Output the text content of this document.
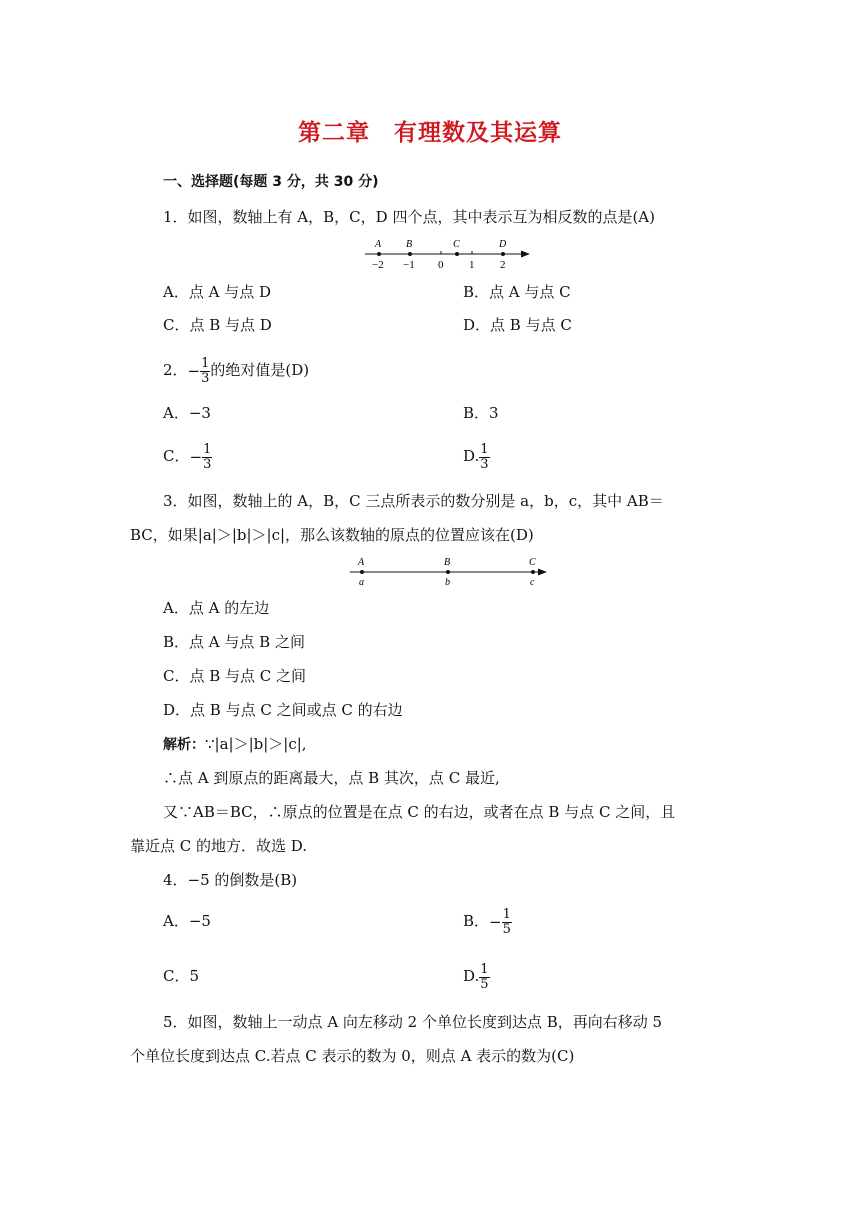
第二章　有理数及其运算
一、选择题(每题 3 分，共 30 分)
1．如图，数轴上有 A，B，C，D 四个点，其中表示互为相反数的点是(A)
A B	C	D
−2 −1 0 1 2
A．点 A 与点 D	B．点 A 与点 C
C．点 B 与点 D	D．点 B 与点 C
2．− $\frac{1}{3}$ 的绝对值是(D)
A．−3	B．3
C．− $\frac{1}{3}$	D. $\frac{1}{3}$
3．如图，数轴上的 A，B，C 三点所表示的数分别是 a，b，c，其中 AB＝
BC，如果|a|＞|b|＞|c|，那么该数轴的原点的位置应该在(D)
A	B	C
a	b	c
A．点 A 的左边
B．点 A 与点 B 之间
C．点 B 与点 C 之间
D．点 B 与点 C 之间或点 C 的右边
解析：∵|a|＞|b|＞|c|,
∴点 A 到原点的距离最大，点 B 其次，点 C 最近,
又∵AB＝BC，∴原点的位置是在点 C 的右边，或者在点 B 与点 C 之间，且
靠近点 C 的地方．故选 D.
4．−5 的倒数是(B)
A．−5	B．− $\frac{1}{5}$
C．5	D. $\frac{1}{5}$
5．如图，数轴上一动点 A 向左移动 2 个单位长度到达点 B，再向右移动 5
个单位长度到达点 C.若点 C 表示的数为 0，则点 A 表示的数为(C)
